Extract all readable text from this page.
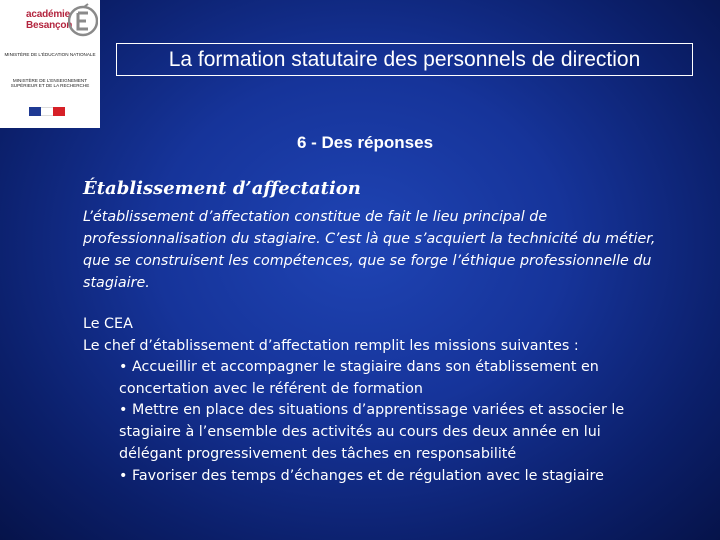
académie
Besançon
MINISTÈRE DE L'ÉDUCATION NATIONALE
MINISTÈRE DE L'ENSEIGNEMENT SUPÉRIEUR ET DE LA RECHERCHE
La formation statutaire des personnels de direction
6 - Des réponses
Établissement d’affectation
L’établissement d’affectation constitue de fait le lieu principal de professionnalisation du stagiaire. C’est là que s’acquiert la technicité du métier, que se construisent les compétences, que se forge l’éthique professionnelle du stagiaire.
Le CEA
Le chef d’établissement d’affectation remplit les missions suivantes :
• Accueillir et accompagner le stagiaire dans son établissement en concertation avec le référent de formation
• Mettre en place des situations d’apprentissage variées et associer le stagiaire à l’ensemble des activités au cours des deux année en lui délégant progressivement des tâches en responsabilité
• Favoriser des temps d’échanges et de régulation avec le stagiaire
